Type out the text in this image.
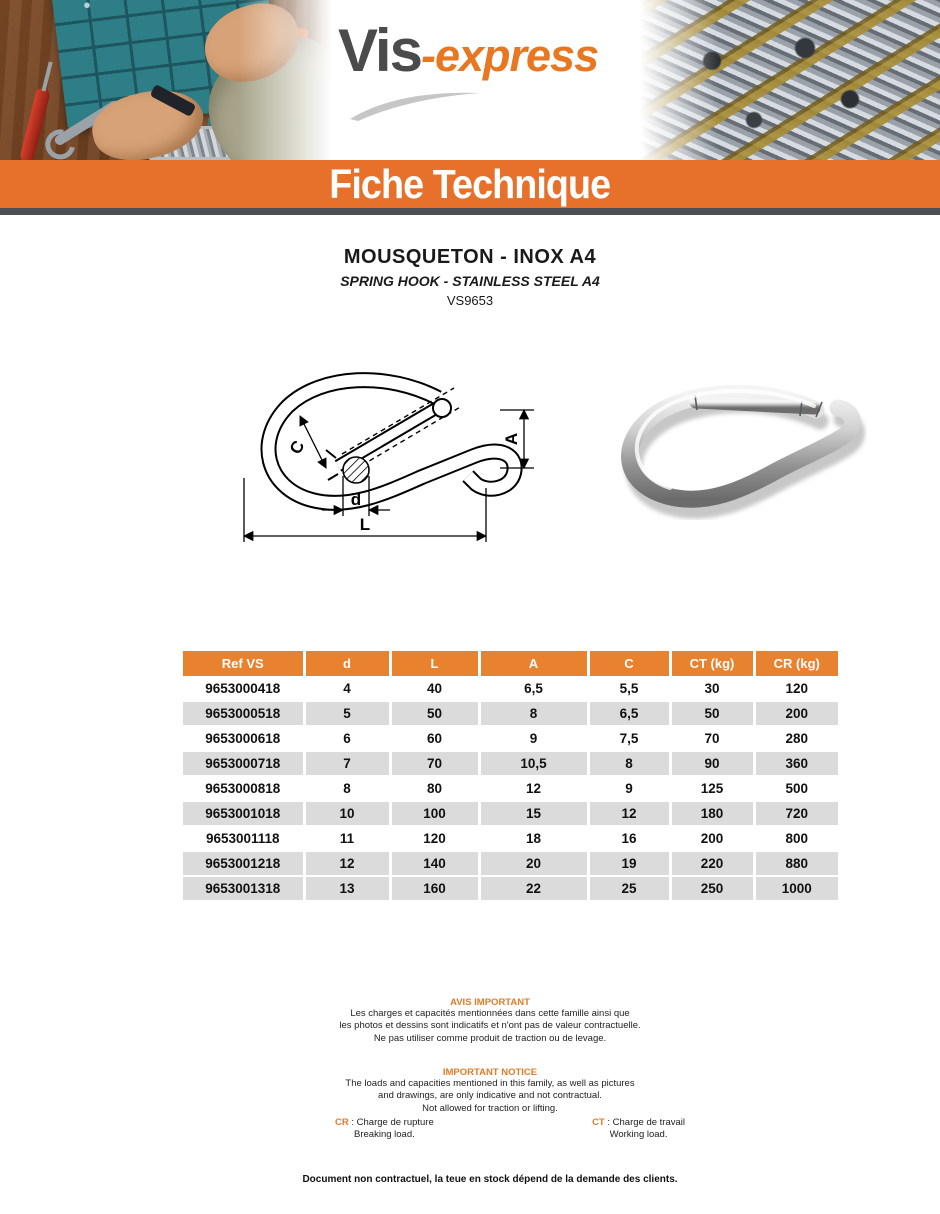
Vis -express
Fiche Technique
MOUSQUETON - INOX A4
SPRING HOOK - STAINLESS STEEL A4
VS9653
C	A
d
L
Ref VS	d	L	A	C	CT (kg)	CR (kg)
9653000418	4	40	6,5	5,5	30	120
9653000518	5	50	8	6,5	50	200
9653000618	6	60	9	7,5	70	280
9653000718	7	70	10,5	8	90	360
9653000818	8	80	12	9	125	500
9653001018	10	100	15	12	180	720
9653001118	11	120	18	16	200	800
9653001218	12	140	20	19	220	880
9653001318	13	160	22	25	250	1000
AVIS IMPORTANT
Les charges et capacités mentionnées dans cette famille ainsi que
les photos et dessins sont indicatifs et n'ont pas de valeur contractuelle.
Ne pas utiliser comme produit de traction ou de levage.
IMPORTANT NOTICE
The loads and capacities mentioned in this family, as well as pictures
and drawings, are only indicative and not contractual.
Not allowed for traction or lifting.
CR : Charge de rupture
Breaking load.
CT : Charge de travail
Working load.
Document non contractuel, la teue en stock dépend de la demande des clients.
